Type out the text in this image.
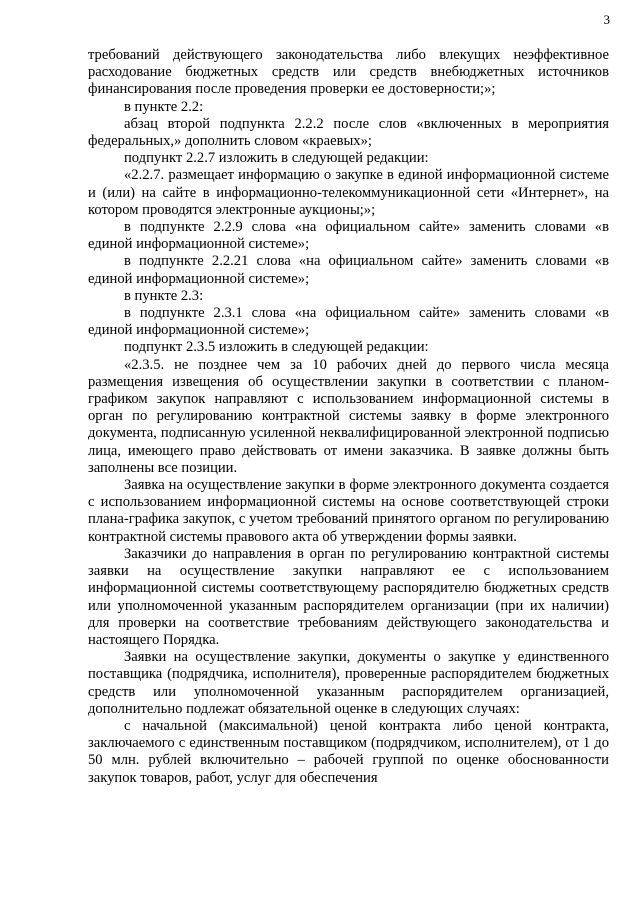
3

требований действующего законодательства либо влекущих неэффективное расходование бюджетных средств или средств внебюджетных источников финансирования после проведения проверки ее достоверности;»;

в пункте 2.2:

абзац второй подпункта 2.2.2 после слов «включенных в мероприятия федеральных,» дополнить словом «краевых»;

подпункт 2.2.7 изложить в следующей редакции:

«2.2.7. размещает информацию о закупке в единой информационной системе и (или) на сайте в информационно-телекоммуникационной сети «Интернет», на котором проводятся электронные аукционы;»;

в подпункте 2.2.9 слова «на официальном сайте» заменить словами «в единой информационной системе»;

в подпункте 2.2.21 слова «на официальном сайте» заменить словами «в единой информационной системе»;

в пункте 2.3:

в подпункте 2.3.1 слова «на официальном сайте» заменить словами «в единой информационной системе»;

подпункт 2.3.5 изложить в следующей редакции:

«2.3.5. не позднее чем за 10 рабочих дней до первого числа месяца размещения извещения об осуществлении закупки в соответствии с планом-графиком закупок направляют с использованием информационной системы в орган по регулированию контрактной системы заявку в форме электронного документа, подписанную усиленной неквалифицированной электронной подписью лица, имеющего право действовать от имени заказчика. В заявке должны быть заполнены все позиции.

Заявка на осуществление закупки в форме электронного документа создается с использованием информационной системы на основе соответствующей строки плана-графика закупок, с учетом требований принятого органом по регулированию контрактной системы правового акта об утверждении формы заявки.

Заказчики до направления в орган по регулированию контрактной системы заявки на осуществление закупки направляют ее с использованием информационной системы соответствующему распорядителю бюджетных средств или уполномоченной указанным распорядителем организации (при их наличии) для проверки на соответствие требованиям действующего законодательства и настоящего Порядка.

Заявки на осуществление закупки, документы о закупке у единственного поставщика (подрядчика, исполнителя), проверенные распорядителем бюджетных средств или уполномоченной указанным распорядителем организацией, дополнительно подлежат обязательной оценке в следующих случаях:

с начальной (максимальной) ценой контракта либо ценой контракта, заключаемого с единственным поставщиком (подрядчиком, исполнителем), от 1 до 50 млн. рублей включительно – рабочей группой по оценке обоснованности закупок товаров, работ, услуг для обеспечения
